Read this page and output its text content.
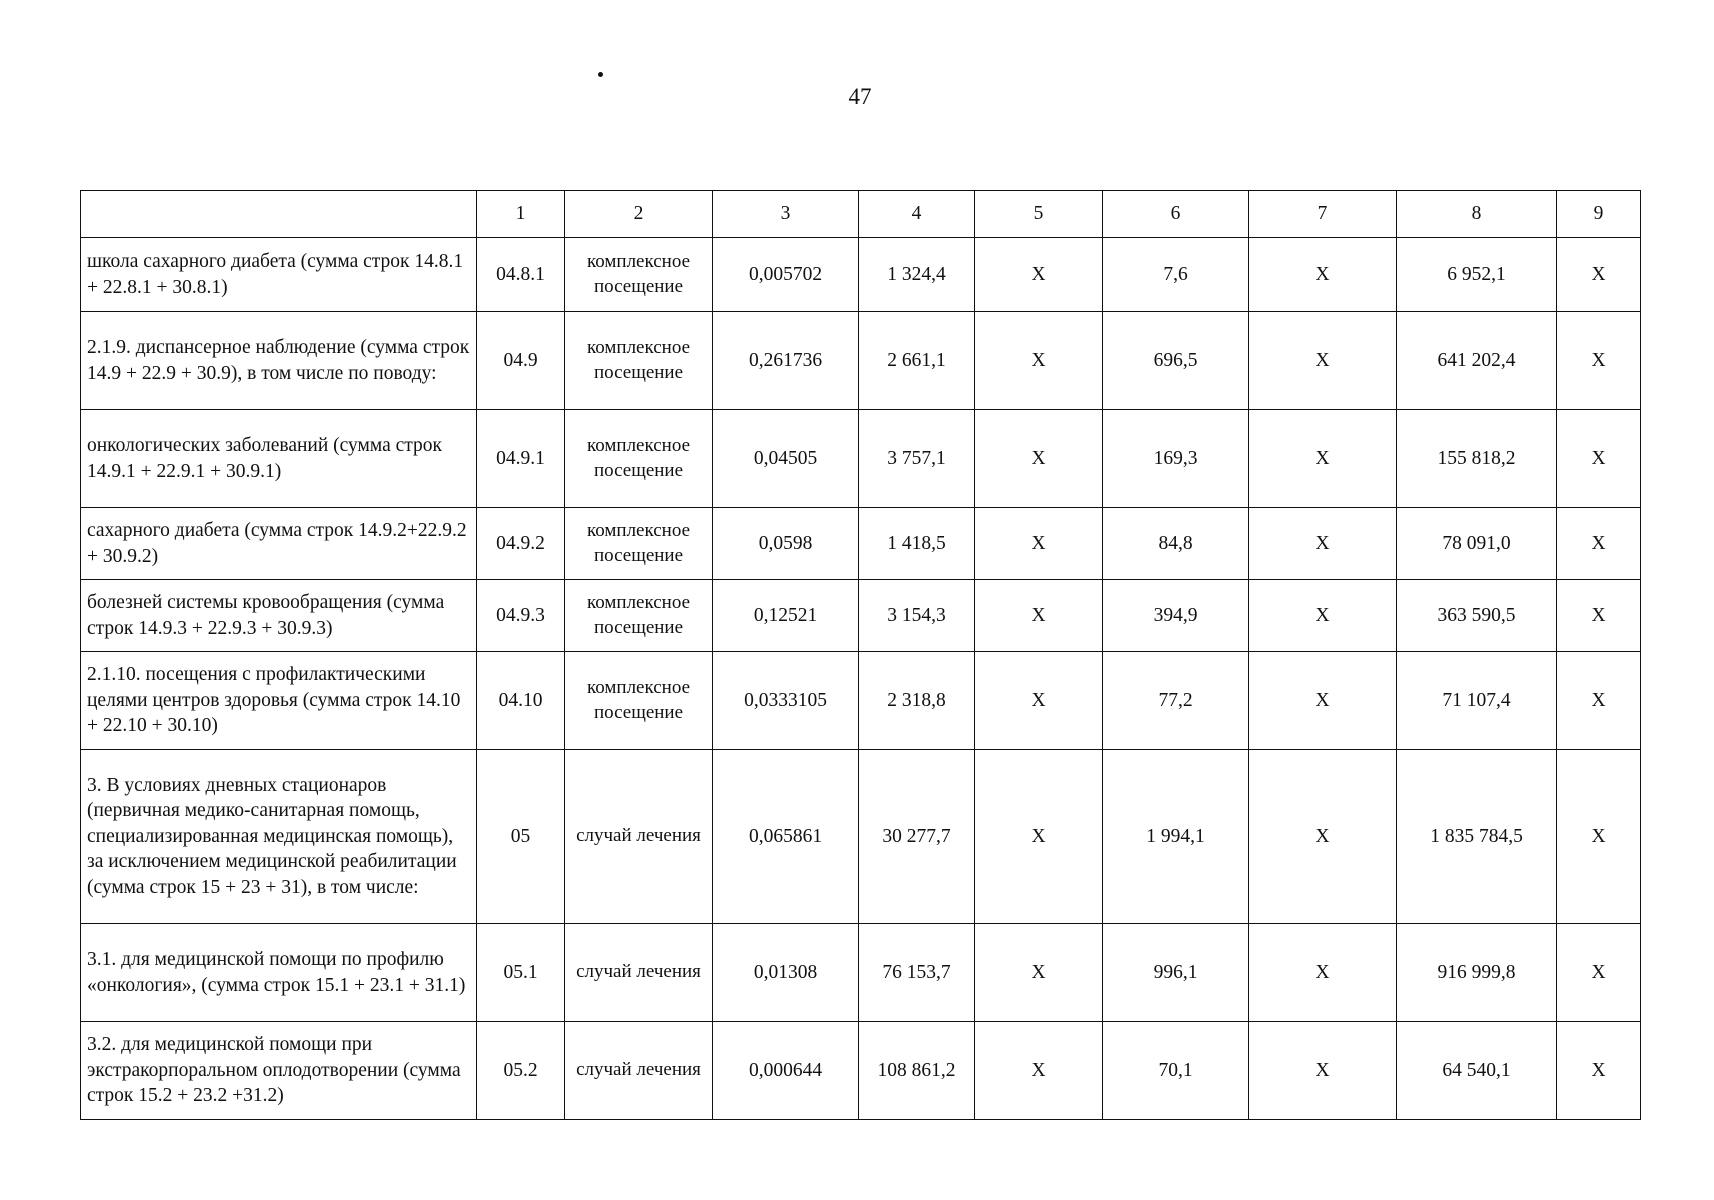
47
	1	2	3	4	5	6	7	8	9
школа сахарного диабета (сумма строк 14.8.1 + 22.8.1 + 30.8.1)	04.8.1	комплексное посещение	0,005702	1 324,4	X	7,6	X	6 952,1	X
2.1.9. диспансерное наблюдение (сумма строк 14.9 + 22.9 + 30.9), в том числе по поводу:	04.9	комплексное посещение	0,261736	2 661,1	X	696,5	X	641 202,4	X
онкологических заболеваний (сумма строк 14.9.1 + 22.9.1 + 30.9.1)	04.9.1	комплексное посещение	0,04505	3 757,1	X	169,3	X	155 818,2	X
сахарного диабета (сумма строк 14.9.2+22.9.2 + 30.9.2)	04.9.2	комплексное посещение	0,0598	1 418,5	X	84,8	X	78 091,0	X
болезней системы кровообращения (сумма строк 14.9.3 + 22.9.3 + 30.9.3)	04.9.3	комплексное посещение	0,12521	3 154,3	X	394,9	X	363 590,5	X
2.1.10. посещения с профилактическими целями центров здоровья (сумма строк 14.10 + 22.10 + 30.10)	04.10	комплексное посещение	0,0333105	2 318,8	X	77,2	X	71 107,4	X
3. В условиях дневных стационаров (первичная медико-санитарная помощь, специализированная медицинская помощь), за исключением медицинской реабилитации (сумма строк 15 + 23 + 31), в том числе:	05	случай лечения	0,065861	30 277,7	X	1 994,1	X	1 835 784,5	X
3.1. для медицинской помощи по профилю «онкология», (сумма строк 15.1 + 23.1 + 31.1)	05.1	случай лечения	0,01308	76 153,7	X	996,1	X	916 999,8	X
3.2. для медицинской помощи при экстракорпоральном оплодотворении (сумма строк 15.2 + 23.2 +31.2)	05.2	случай лечения	0,000644	108 861,2	X	70,1	X	64 540,1	X
